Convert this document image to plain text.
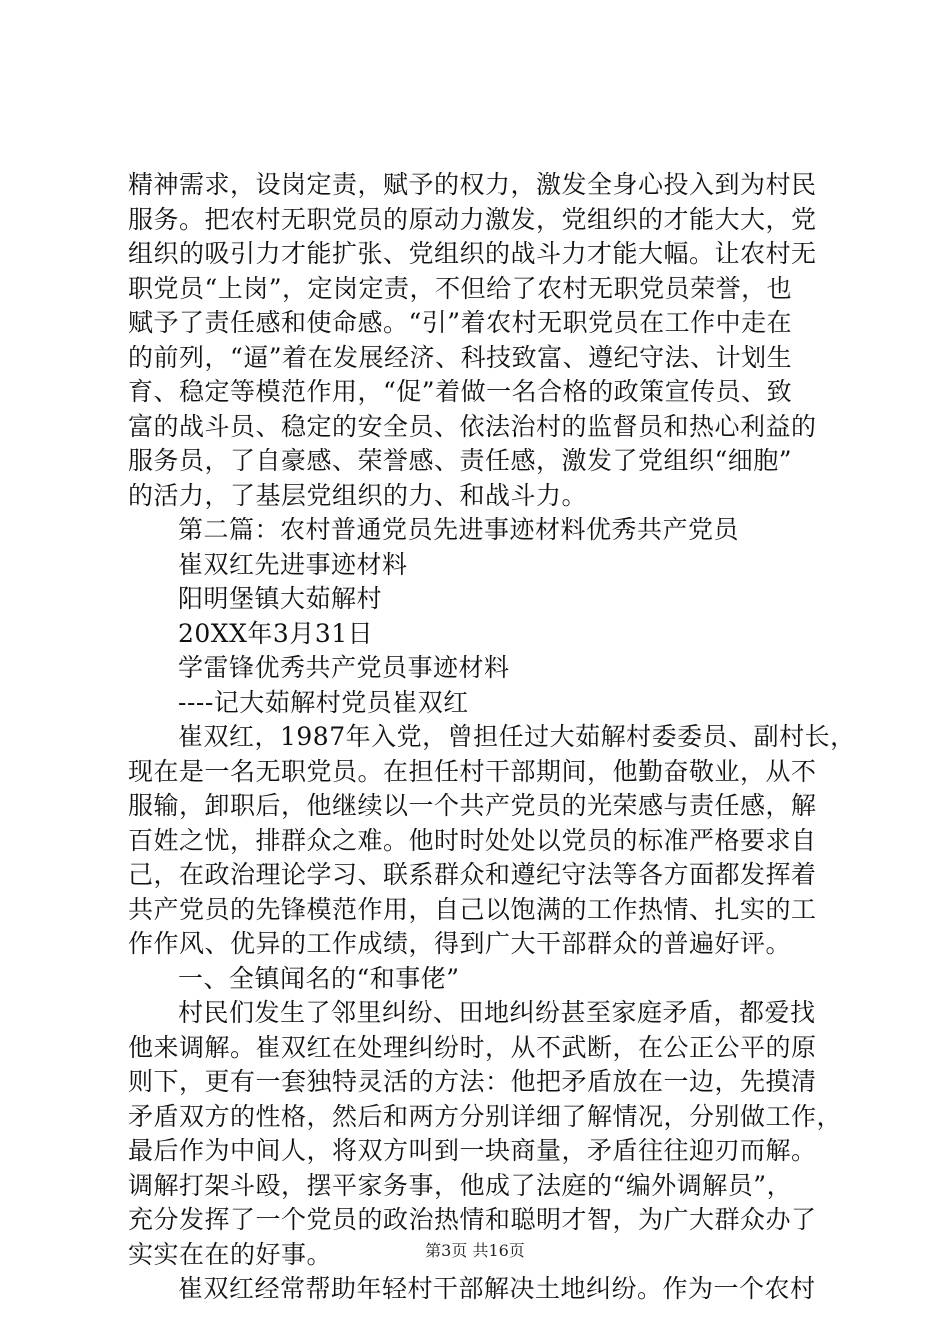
精神需求，设岗定责，赋予的权力，激发全身心投入到为村民
服务。把农村无职党员的原动力激发，党组织的才能大大，党
组织的吸引力才能扩张、党组织的战斗力才能大幅。让农村无
职党员“上岗”，定岗定责，不但给了农村无职党员荣誉，也
赋予了责任感和使命感。“引”着农村无职党员在工作中走在
的前列，“逼”着在发展经济、科技致富、遵纪守法、计划生
育、稳定等模范作用，“促”着做一名合格的政策宣传员、致
富的战斗员、稳定的安全员、依法治村的监督员和热心利益的
服务员，了自豪感、荣誉感、责任感，激发了党组织“细胞”
的活力，了基层党组织的力、和战斗力。
第二篇：农村普通党员先进事迹材料优秀共产党员
崔双红先进事迹材料
阳明堡镇大茹解村
20XX年3月31日
学雷锋优秀共产党员事迹材料
----记大茹解村党员崔双红
崔双红，1987年入党，曾担任过大茹解村委委员、副村长，
现在是一名无职党员。在担任村干部期间，他勤奋敬业，从不
服输，卸职后，他继续以一个共产党员的光荣感与责任感，解
百姓之忧，排群众之难。他时时处处以党员的标准严格要求自
己，在政治理论学习、联系群众和遵纪守法等各方面都发挥着
共产党员的先锋模范作用，自己以饱满的工作热情、扎实的工
作作风、优异的工作成绩，得到广大干部群众的普遍好评。
一、全镇闻名的“和事佬”
村民们发生了邻里纠纷、田地纠纷甚至家庭矛盾，都爱找
他来调解。崔双红在处理纠纷时，从不武断，在公正公平的原
则下，更有一套独特灵活的方法：他把矛盾放在一边，先摸清
矛盾双方的性格，然后和两方分别详细了解情况，分别做工作，
最后作为中间人，将双方叫到一块商量，矛盾往往迎刃而解。
调解打架斗殴，摆平家务事，他成了法庭的“编外调解员”，
充分发挥了一个党员的政治热情和聪明才智，为广大群众办了
实实在在的好事。
崔双红经常帮助年轻村干部解决土地纠纷。作为一个农村
第3页 共16页
